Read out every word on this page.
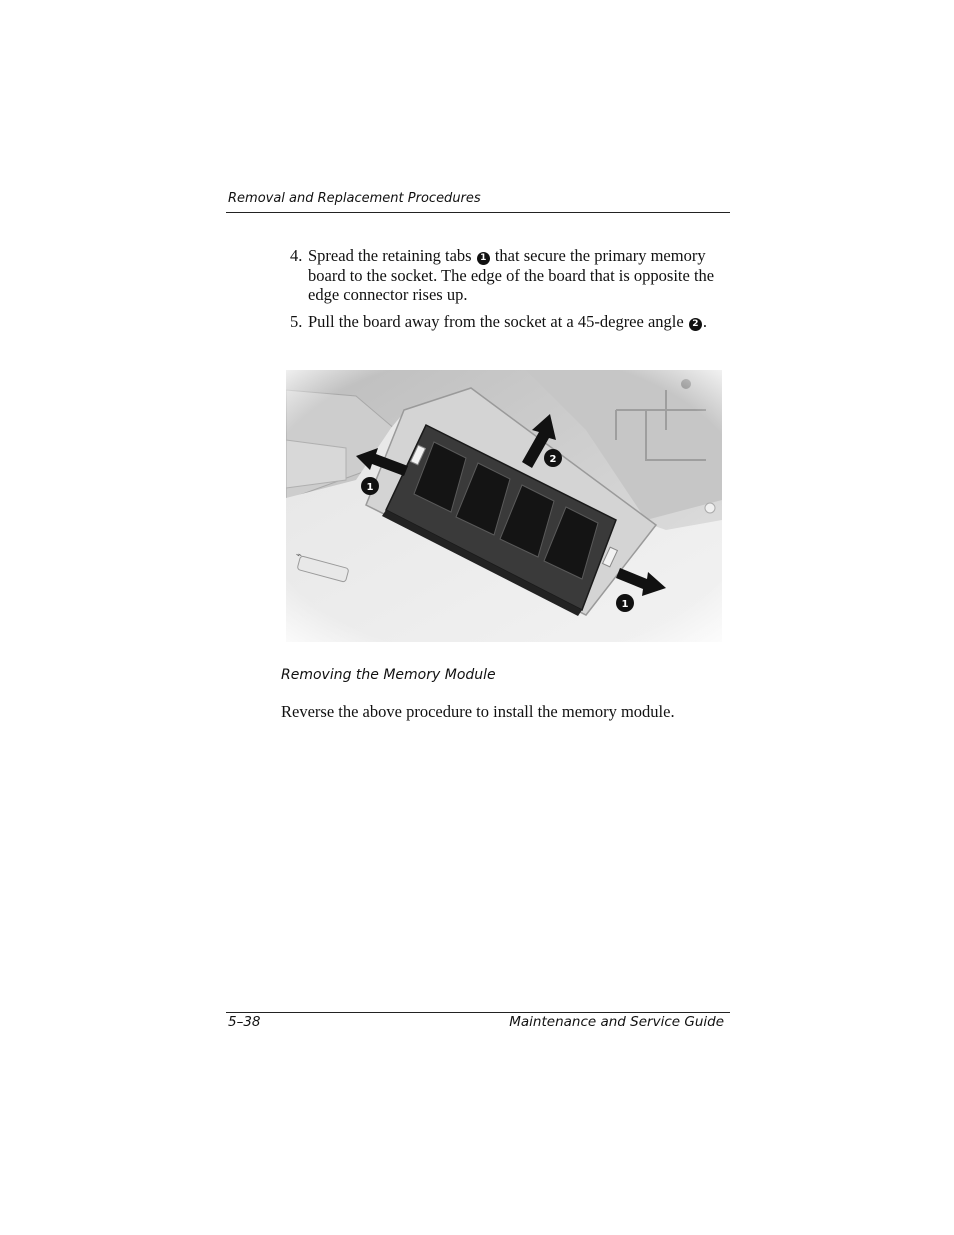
Removal and Replacement Procedures
4. Spread the retaining tabs 1 that secure the primary memory board to the socket. The edge of the board that is opposite the edge connector rises up.
5. Pull the board away from the socket at a 45-degree angle 2 .
Removing the Memory Module
Reverse the above procedure to install the memory module.
5–38	Maintenance and Service Guide
